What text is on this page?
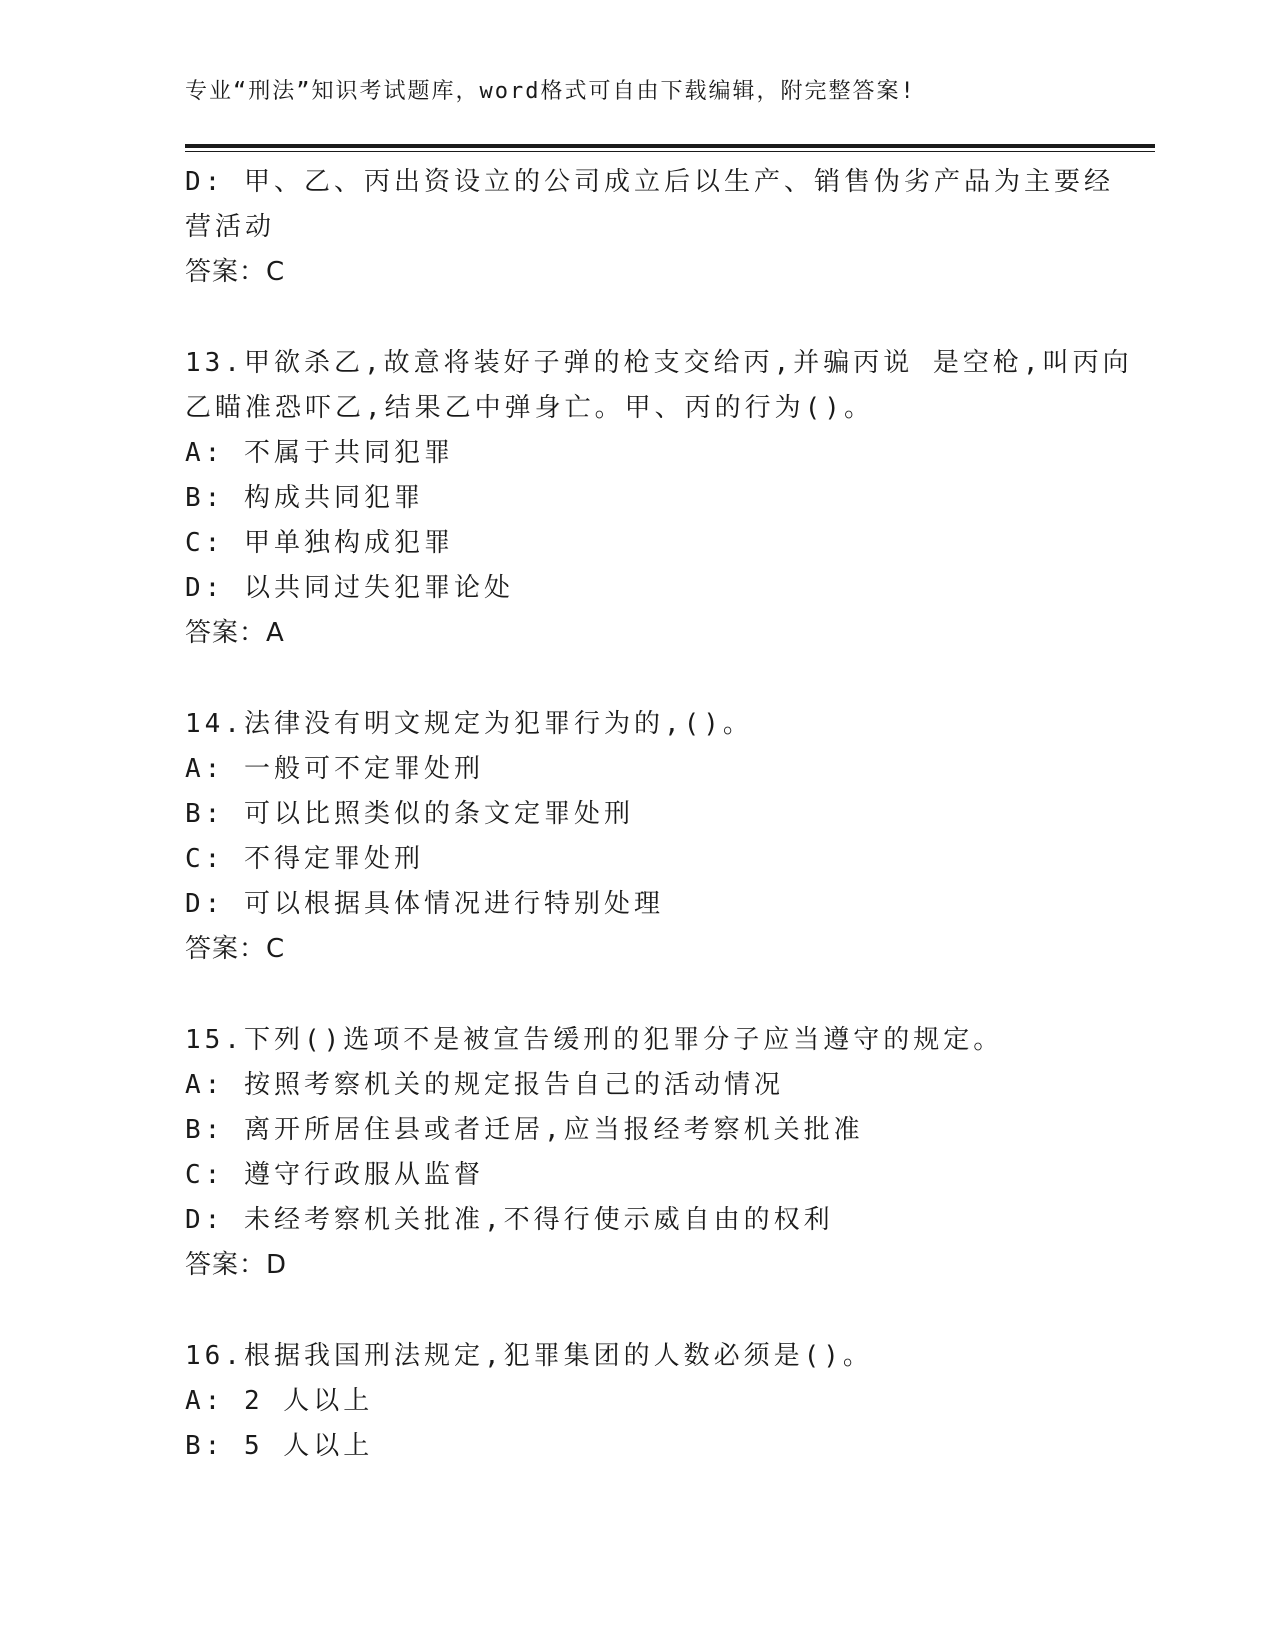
专业“刑法”知识考试题库，word格式可自由下载编辑，附完整答案!
D: 甲、乙、丙出资设立的公司成立后以生产、销售伪劣产品为主要经
营活动
答案：C
13.甲欲杀乙,故意将装好子弹的枪支交给丙,并骗丙说 是空枪,叫丙向
乙瞄准恐吓乙,结果乙中弹身亡。甲、丙的行为()。
A: 不属于共同犯罪
B: 构成共同犯罪
C: 甲单独构成犯罪
D: 以共同过失犯罪论处
答案：A
14.法律没有明文规定为犯罪行为的,()。
A: 一般可不定罪处刑
B: 可以比照类似的条文定罪处刑
C: 不得定罪处刑
D: 可以根据具体情况进行特别处理
答案：C
15.下列()选项不是被宣告缓刑的犯罪分子应当遵守的规定。
A: 按照考察机关的规定报告自己的活动情况
B: 离开所居住县或者迁居,应当报经考察机关批准
C: 遵守行政服从监督
D: 未经考察机关批准,不得行使示威自由的权利
答案：D
16.根据我国刑法规定,犯罪集团的人数必须是()。
A: 2 人以上
B: 5 人以上
